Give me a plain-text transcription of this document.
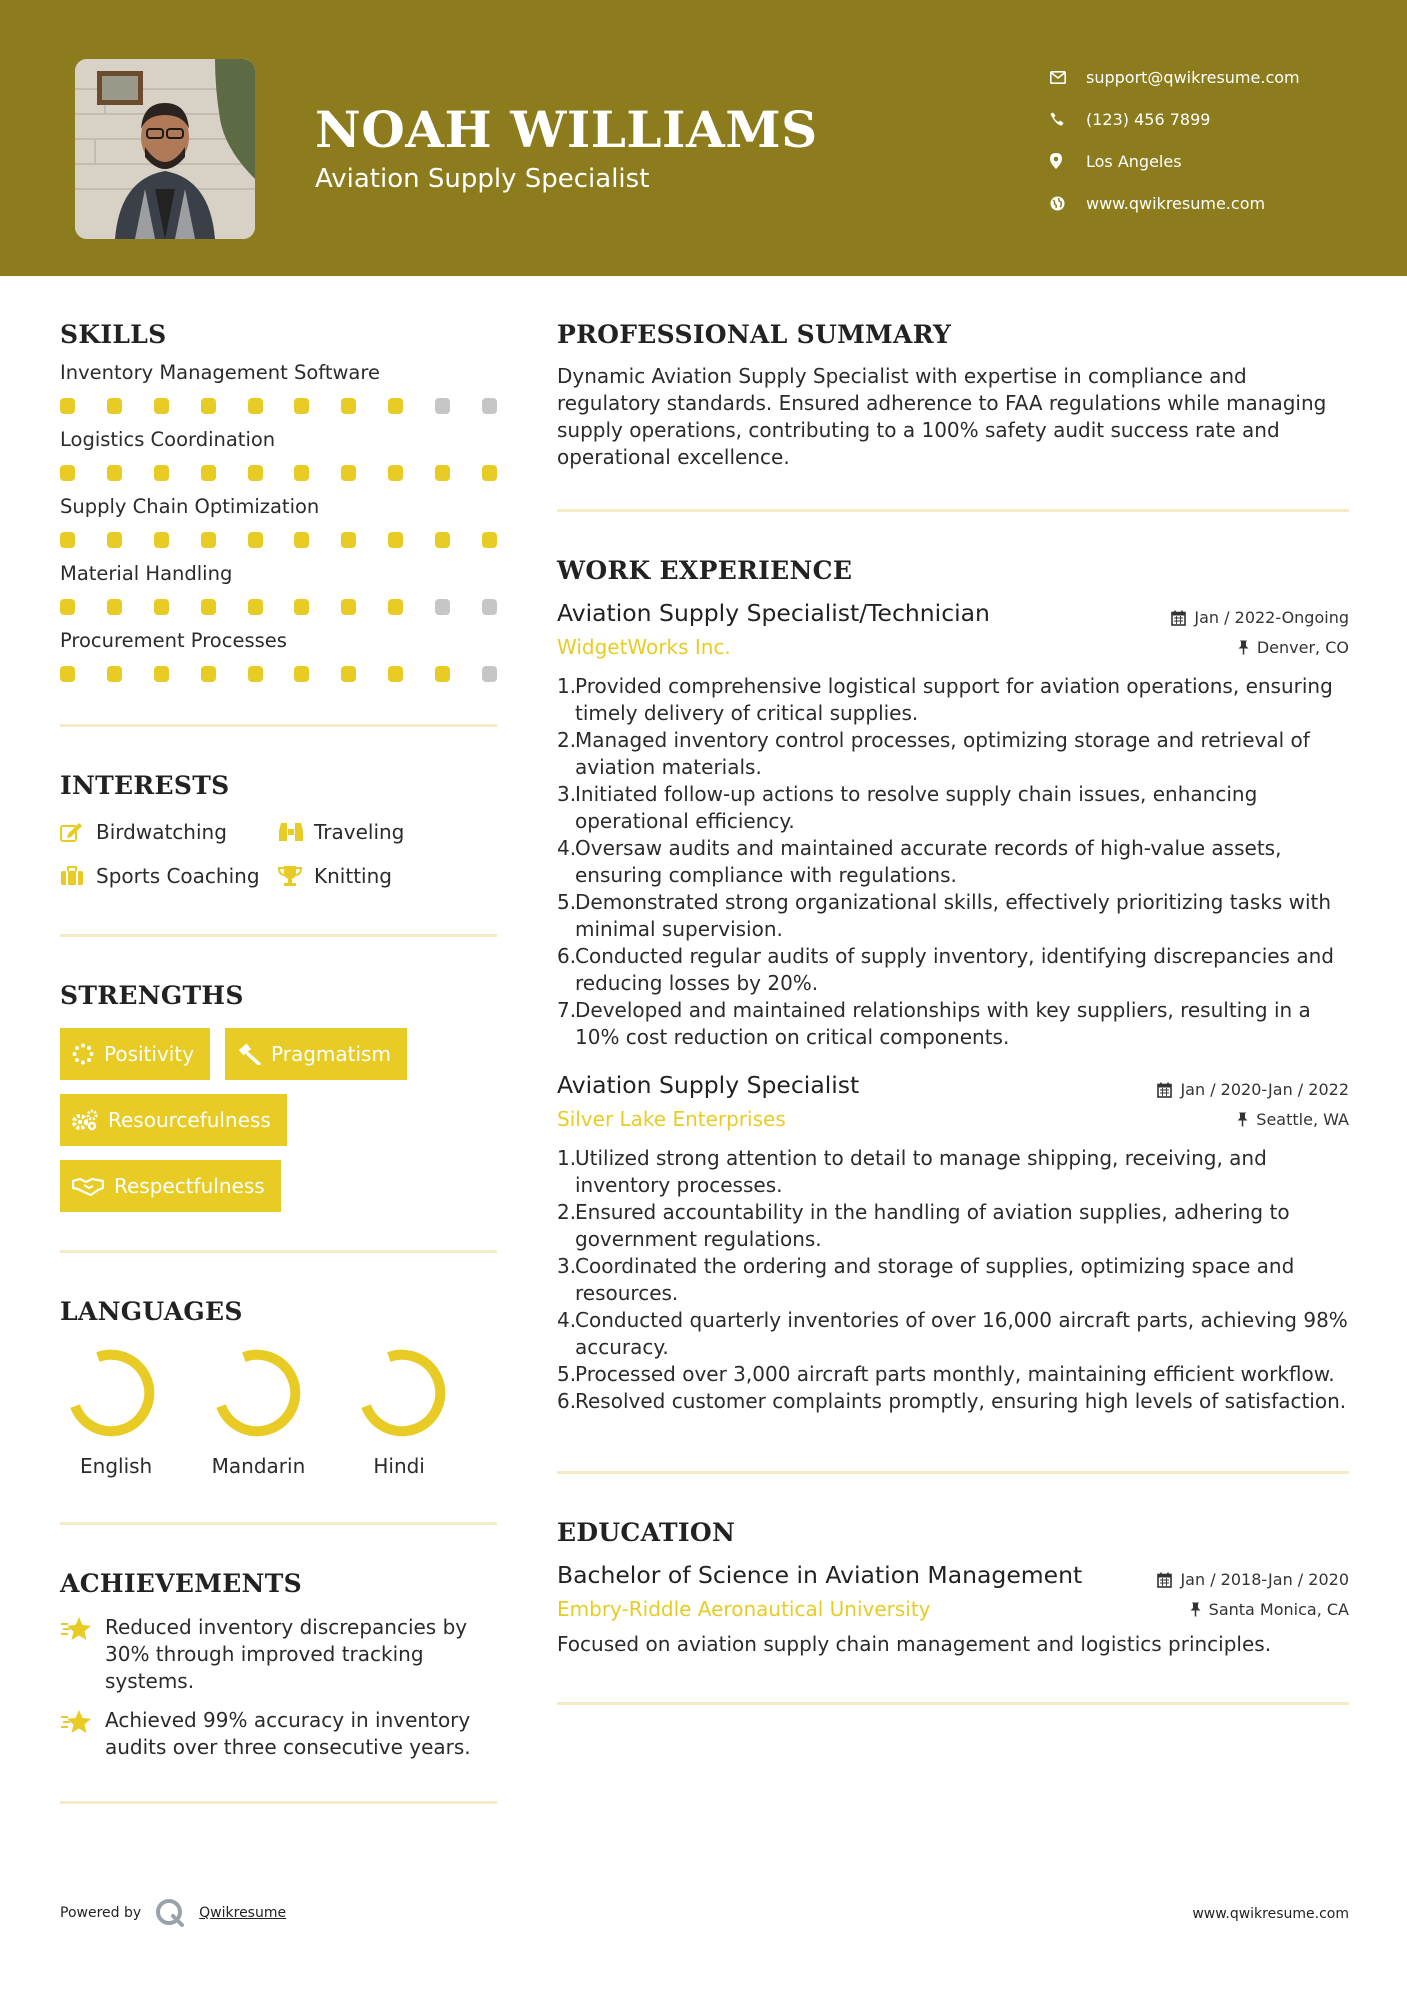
NOAH WILLIAMS
Aviation Supply Specialist
support@qwikresume.com
(123) 456 7899
Los Angeles
www.qwikresume.com
SKILLS
Inventory Management Software
Logistics Coordination
Supply Chain Optimization
Material Handling
Procurement Processes
INTERESTS
Birdwatching	Traveling
Sports Coaching	Knitting
STRENGTHS
Positivity	Pragmatism
Resourcefulness
Respectfulness
LANGUAGES
English	Mandarin	Hindi
ACHIEVEMENTS
Reduced inventory discrepancies by 30% through improved tracking systems.
Achieved 99% accuracy in inventory audits over three consecutive years.
PROFESSIONAL SUMMARY
Dynamic Aviation Supply Specialist with expertise in compliance and regulatory standards. Ensured adherence to FAA regulations while managing supply operations, contributing to a 100% safety audit success rate and operational excellence.
WORK EXPERIENCE
Aviation Supply Specialist/Technician	Jan / 2022-Ongoing
WidgetWorks Inc.	Denver, CO
1.
Provided comprehensive logistical support for aviation operations, ensuring timely delivery of critical supplies.
2.
Managed inventory control processes, optimizing storage and retrieval of aviation materials.
3.
Initiated follow-up actions to resolve supply chain issues, enhancing operational efficiency.
4.
Oversaw audits and maintained accurate records of high-value assets, ensuring compliance with regulations.
5.
Demonstrated strong organizational skills, effectively prioritizing tasks with minimal supervision.
6.
Conducted regular audits of supply inventory, identifying discrepancies and reducing losses by 20%.
7.
Developed and maintained relationships with key suppliers, resulting in a 10% cost reduction on critical components.
Aviation Supply Specialist	Jan / 2020-Jan / 2022
Silver Lake Enterprises	Seattle, WA
1.
Utilized strong attention to detail to manage shipping, receiving, and inventory processes.
2.
Ensured accountability in the handling of aviation supplies, adhering to government regulations.
3.
Coordinated the ordering and storage of supplies, optimizing space and resources.
4.
Conducted quarterly inventories of over 16,000 aircraft parts, achieving 98% accuracy.
5.
Processed over 3,000 aircraft parts monthly, maintaining efficient workflow.
6.
Resolved customer complaints promptly, ensuring high levels of satisfaction.
EDUCATION
Bachelor of Science in Aviation Management	Jan / 2018-Jan / 2020
Embry-Riddle Aeronautical University	Santa Monica, CA
Focused on aviation supply chain management and logistics principles.
Powered by	Qwikresume	www.qwikresume.com
